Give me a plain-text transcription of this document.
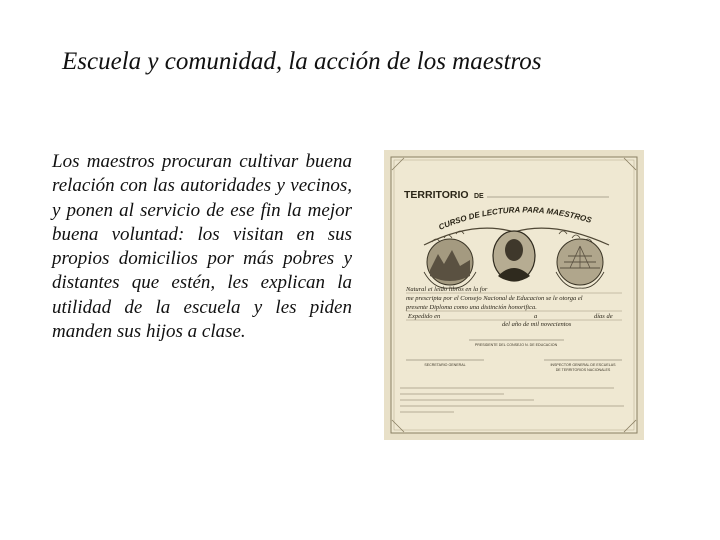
Escuela y comunidad, la acción de los maestros
Los maestros procuran cultivar buena relación con las autoridades y vecinos, y ponen al servicio de ese fin la mejor buena voluntad: los visitan en sus propios domicilios por más pobres y distantes que estén, les explican la utilidad de la escuela y les piden manden sus hijos a clase.
TERRITORIO DE
CURSO DE LECTURA PARA MAESTROS
Natural ei leido libros en la for
me prescripta por el Consejo Nacional de Educacion se le otorga el
presente Diploma como una distinción honorifica.
Expedido en	a	días de
del año de mil novecientos
PRESIDENTE DEL CONSEJO N. DE EDUCACION
SECRETARIO GENERAL	INSPECTOR GENERAL DE ESCUELAS
DE TERRITORIOS NACIONALES
